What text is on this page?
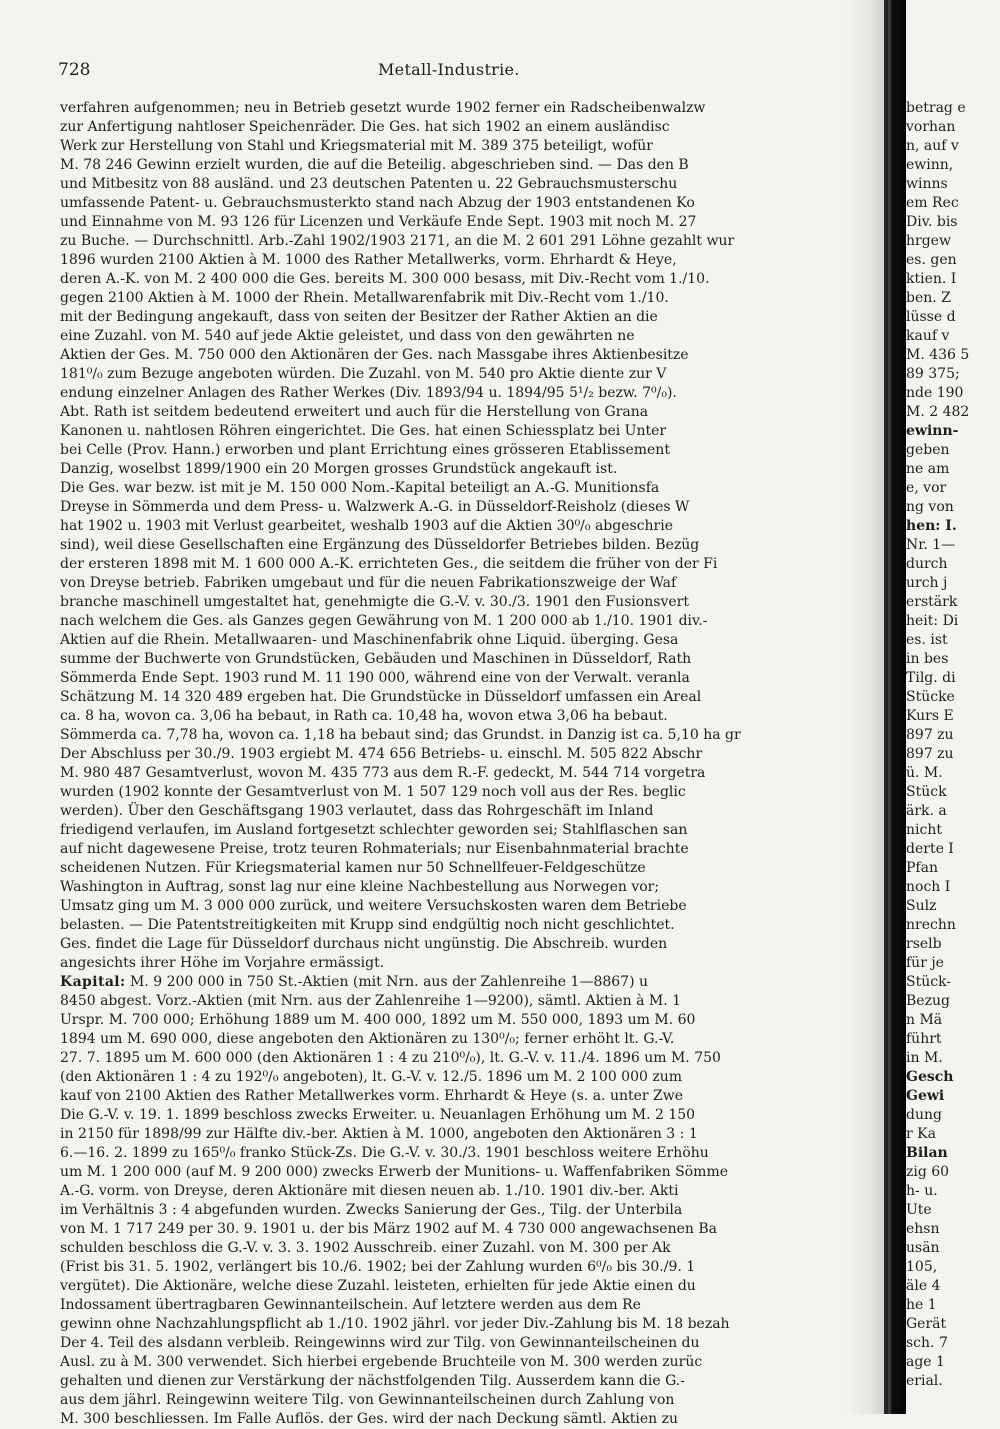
728	Metall-Industrie.
verfahren aufgenommen; neu in Betrieb gesetzt wurde 1902 ferner ein Radscheibenwalzw
zur Anfertigung nahtloser Speichenräder. Die Ges. hat sich 1902 an einem ausländisc
Werk zur Herstellung von Stahl und Kriegsmaterial mit M. 389 375 beteiligt, wofür
M. 78 246 Gewinn erzielt wurden, die auf die Beteilig. abgeschrieben sind. — Das den B
und Mitbesitz von 88 ausländ. und 23 deutschen Patenten u. 22 Gebrauchsmusterschu
umfassende Patent- u. Gebrauchsmusterkto stand nach Abzug der 1903 entstandenen Ko
und Einnahme von M. 93 126 für Licenzen und Verkäufe Ende Sept. 1903 mit noch M. 27
zu Buche. — Durchschnittl. Arb.-Zahl 1902/1903 2171, an die M. 2 601 291 Löhne gezahlt wur
1896 wurden 2100 Aktien à M. 1000 des Rather Metallwerks, vorm. Ehrhardt & Heye,
deren A.-K. von M. 2 400 000 die Ges. bereits M. 300 000 besass, mit Div.-Recht vom 1./10.
gegen 2100 Aktien à M. 1000 der Rhein. Metallwarenfabrik mit Div.-Recht vom 1./10.
mit der Bedingung angekauft, dass von seiten der Besitzer der Rather Aktien an die
eine Zuzahl. von M. 540 auf jede Aktie geleistet, und dass von den gewährten ne
Aktien der Ges. M. 750 000 den Aktionären der Ges. nach Massgabe ihres Aktienbesitze
181⁰/₀ zum Bezuge angeboten würden. Die Zuzahl. von M. 540 pro Aktie diente zur V
endung einzelner Anlagen des Rather Werkes (Div. 1893/94 u. 1894/95 5¹/₂ bezw. 7⁰/₀).
Abt. Rath ist seitdem bedeutend erweitert und auch für die Herstellung von Grana
Kanonen u. nahtlosen Röhren eingerichtet. Die Ges. hat einen Schiessplatz bei Unter
bei Celle (Prov. Hann.) erworben und plant Errichtung eines grösseren Etablissement
Danzig, woselbst 1899/1900 ein 20 Morgen grosses Grundstück angekauft ist.
Die Ges. war bezw. ist mit je M. 150 000 Nom.-Kapital beteiligt an A.-G. Munitionsfa
Dreyse in Sömmerda und dem Press- u. Walzwerk A.-G. in Düsseldorf-Reisholz (dieses W
hat 1902 u. 1903 mit Verlust gearbeitet, weshalb 1903 auf die Aktien 30⁰/₀ abgeschrie
sind), weil diese Gesellschaften eine Ergänzung des Düsseldorfer Betriebes bilden. Bezüg
der ersteren 1898 mit M. 1 600 000 A.-K. errichteten Ges., die seitdem die früher von der Fi
von Dreyse betrieb. Fabriken umgebaut und für die neuen Fabrikationszweige der Waf
branche maschinell umgestaltet hat, genehmigte die G.-V. v. 30./3. 1901 den Fusionsvert
nach welchem die Ges. als Ganzes gegen Gewährung von M. 1 200 000 ab 1./10. 1901 div.-
Aktien auf die Rhein. Metallwaaren- und Maschinenfabrik ohne Liquid. überging. Gesa
summe der Buchwerte von Grundstücken, Gebäuden und Maschinen in Düsseldorf, Rath
Sömmerda Ende Sept. 1903 rund M. 11 190 000, während eine von der Verwalt. veranla
Schätzung M. 14 320 489 ergeben hat. Die Grundstücke in Düsseldorf umfassen ein Areal
ca. 8 ha, wovon ca. 3,06 ha bebaut, in Rath ca. 10,48 ha, wovon etwa 3,06 ha bebaut.
Sömmerda ca. 7,78 ha, wovon ca. 1,18 ha bebaut sind; das Grundst. in Danzig ist ca. 5,10 ha gr
Der Abschluss per 30./9. 1903 ergiebt M. 474 656 Betriebs- u. einschl. M. 505 822 Abschr
M. 980 487 Gesamtverlust, wovon M. 435 773 aus dem R.-F. gedeckt, M. 544 714 vorgetra
wurden (1902 konnte der Gesamtverlust von M. 1 507 129 noch voll aus der Res. beglic
werden). Über den Geschäftsgang 1903 verlautet, dass das Rohrgeschäft im Inland
friedigend verlaufen, im Ausland fortgesetzt schlechter geworden sei; Stahlflaschen san
auf nicht dagewesene Preise, trotz teuren Rohmaterials; nur Eisenbahnmaterial brachte
scheidenen Nutzen. Für Kriegsmaterial kamen nur 50 Schnellfeuer-Feldgeschütze
Washington in Auftrag, sonst lag nur eine kleine Nachbestellung aus Norwegen vor;
Umsatz ging um M. 3 000 000 zurück, und weitere Versuchskosten waren dem Betriebe
belasten. — Die Patentstreitigkeiten mit Krupp sind endgültig noch nicht geschlichtet.
Ges. findet die Lage für Düsseldorf durchaus nicht ungünstig. Die Abschreib. wurden
angesichts ihrer Höhe im Vorjahre ermässigt.
Kapital: M. 9 200 000 in 750 St.-Aktien (mit Nrn. aus der Zahlenreihe 1—8867) u
8450 abgest. Vorz.-Aktien (mit Nrn. aus der Zahlenreihe 1—9200), sämtl. Aktien à M. 1
Urspr. M. 700 000; Erhöhung 1889 um M. 400 000, 1892 um M. 550 000, 1893 um M. 60
1894 um M. 690 000, diese angeboten den Aktionären zu 130⁰/₀; ferner erhöht lt. G.-V.
27. 7. 1895 um M. 600 000 (den Aktionären 1 : 4 zu 210⁰/₀), lt. G.-V. v. 11./4. 1896 um M. 750
(den Aktionären 1 : 4 zu 192⁰/₀ angeboten), lt. G.-V. v. 12./5. 1896 um M. 2 100 000 zum
kauf von 2100 Aktien des Rather Metallwerkes vorm. Ehrhardt & Heye (s. a. unter Zwe
Die G.-V. v. 19. 1. 1899 beschloss zwecks Erweiter. u. Neuanlagen Erhöhung um M. 2 150
in 2150 für 1898/99 zur Hälfte div.-ber. Aktien à M. 1000, angeboten den Aktionären 3 : 1
6.—16. 2. 1899 zu 165⁰/₀ franko Stück-Zs. Die G.-V. v. 30./3. 1901 beschloss weitere Erhöhu
um M. 1 200 000 (auf M. 9 200 000) zwecks Erwerb der Munitions- u. Waffenfabriken Sömme
A.-G. vorm. von Dreyse, deren Aktionäre mit diesen neuen ab. 1./10. 1901 div.-ber. Akti
im Verhältnis 3 : 4 abgefunden wurden. Zwecks Sanierung der Ges., Tilg. der Unterbila
von M. 1 717 249 per 30. 9. 1901 u. der bis März 1902 auf M. 4 730 000 angewachsenen Ba
schulden beschloss die G.-V. v. 3. 3. 1902 Ausschreib. einer Zuzahl. von M. 300 per Ak
(Frist bis 31. 5. 1902, verlängert bis 10./6. 1902; bei der Zahlung wurden 6⁰/₀ bis 30./9. 1
vergütet). Die Aktionäre, welche diese Zuzahl. leisteten, erhielten für jede Aktie einen du
Indossament übertragbaren Gewinnanteilschein. Auf letztere werden aus dem Re
gewinn ohne Nachzahlungspflicht ab 1./10. 1902 jährl. vor jeder Div.-Zahlung bis M. 18 bezah
Der 4. Teil des alsdann verbleib. Reingewinns wird zur Tilg. von Gewinnanteilscheinen du
Ausl. zu à M. 300 verwendet. Sich hierbei ergebende Bruchteile von M. 300 werden zurüc
gehalten und dienen zur Verstärkung der nächstfolgenden Tilg. Ausserdem kann die G.-
aus dem jährl. Reingewinn weitere Tilg. von Gewinnanteilscheinen durch Zahlung von
M. 300 beschliessen. Im Falle Auflös. der Ges. wird der nach Deckung sämtl. Aktien zu
betrag e
vorhan
n, auf v
ewinn,
winns
em Rec
Div. bis
hrgew
es. gen
ktien. I
ben. Z
lüsse d
kauf v
M. 436 5
89 375;
nde 190
M. 2 482
ewinn-
geben
ne am
e, vor
ng von
hen: I.
Nr. 1—
durch
urch j
erstärk
heit: Di
es. ist
in bes
Tilg. di
Stücke
Kurs E
897 zu
897 zu
ü. M.
Stück
ärk. a
nicht
derte I
Pfan
noch I
Sulz
nrechn
rselb
für je
Stück-
Bezug
n Mä
führt
in M.
Gesch
Gewi
dung
r Ka
Bilan
zig 60
h- u.
Ute
ehsn
usän
105,
äle 4
he 1
Gerät
sch. 7
age 1
erial.
